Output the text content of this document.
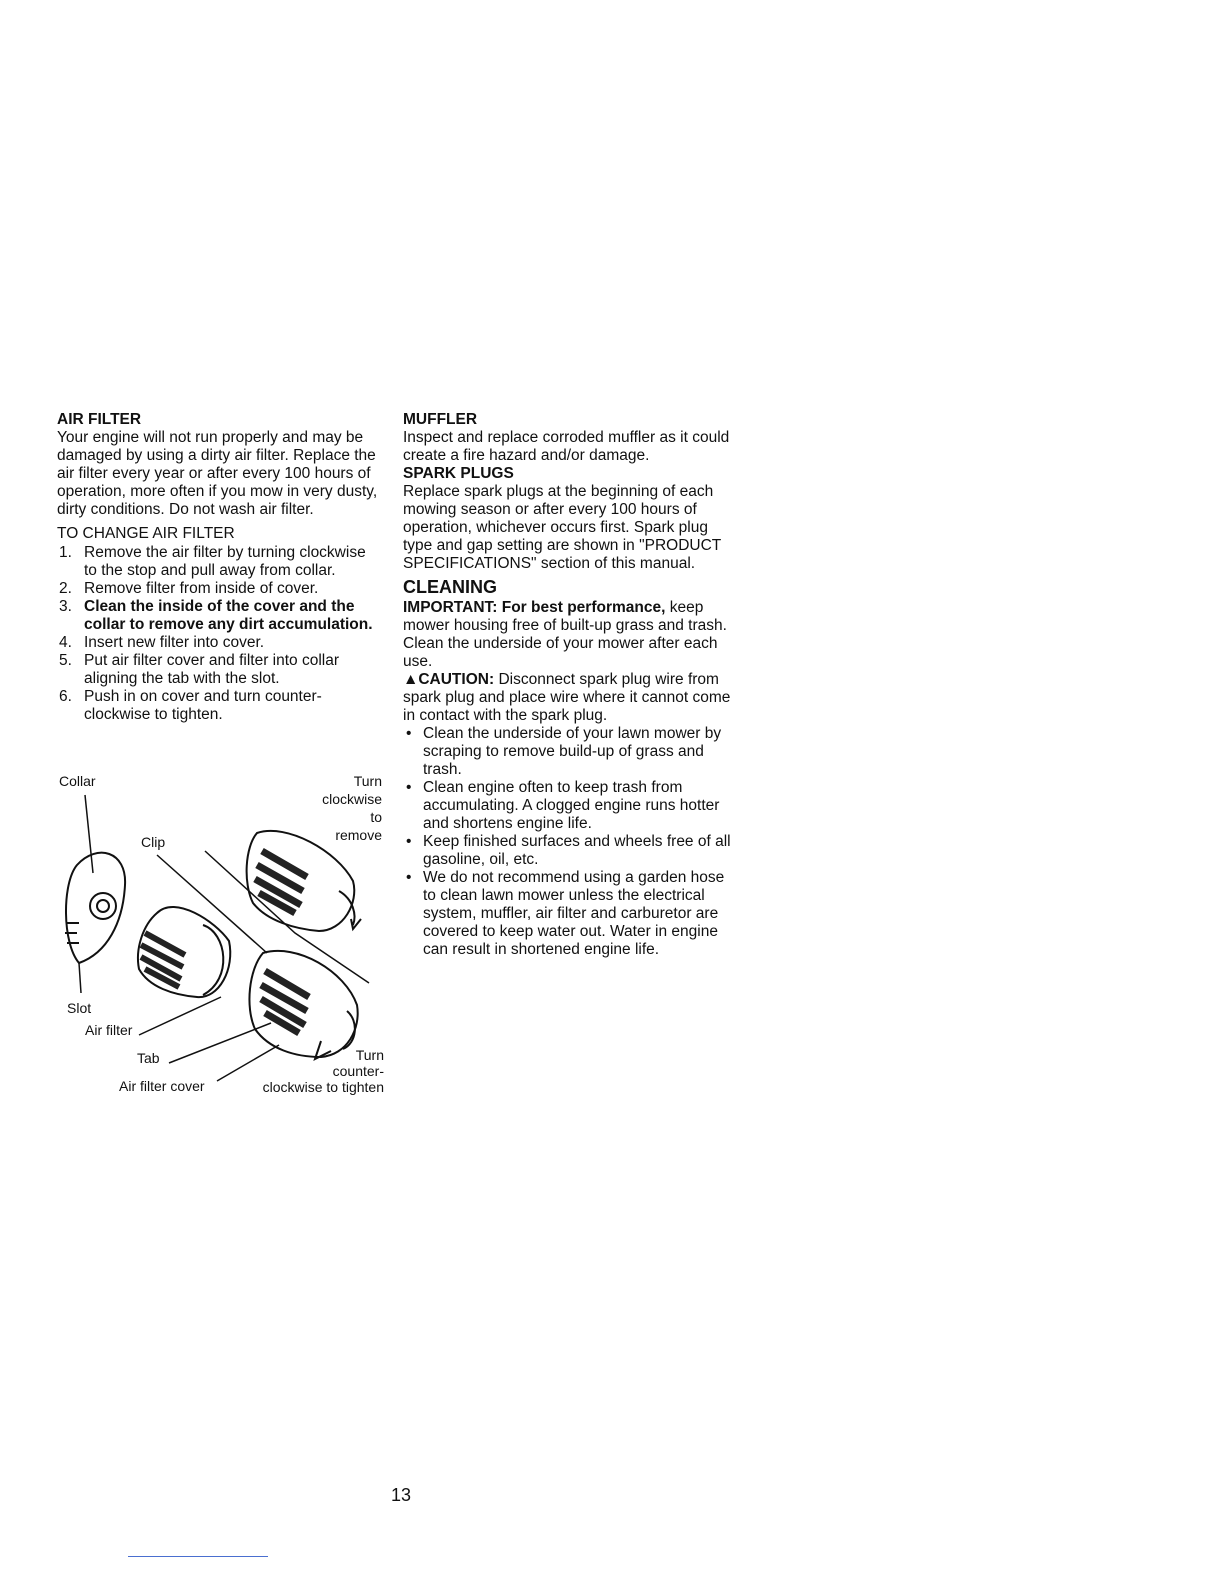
AIR FILTER

Your engine will not run properly and may be damaged by using a dirty air filter. Replace the air filter every year or after every 100 hours of operation, more often if you mow in very dusty, dirty conditions. Do not wash air filter.

TO CHANGE AIR FILTER

1. Remove the air filter by turning clockwise to the stop and pull away from collar.
2. Remove filter from inside of cover.
3. Clean the inside of the cover and the collar to remove any dirt accumulation.
4. Insert new filter into cover.
5. Put air filter cover and filter into collar aligning the tab with the slot.
6. Push in on cover and turn counter-clockwise to tighten.
Collar
Clip
Turn
clockwise
to
remove
Slot
Air filter
Tab
Air filter cover
Turn
counter-
clockwise to tighten
MUFFLER

Inspect and replace corroded muffler as it could create a fire hazard and/or damage.

SPARK PLUGS

Replace spark plugs at the beginning of each mowing season or after every 100 hours of operation, whichever occurs first. Spark plug type and gap setting are shown in "PRODUCT SPECIFICATIONS" section of this manual.

CLEANING

IMPORTANT: For best performance, keep mower housing free of built-up grass and trash. Clean the underside of your mower after each use.

▲CAUTION: Disconnect spark plug wire from spark plug and place wire where it cannot come in contact with the spark plug.

• Clean the underside of your lawn mower by scraping to remove build-up of grass and trash.
• Clean engine often to keep trash from accumulating. A clogged engine runs hotter and shortens engine life.
• Keep finished surfaces and wheels free of all gasoline, oil, etc.
• We do not recommend using a garden hose to clean lawn mower unless the electrical system, muffler, air filter and carburetor are covered to keep water out. Water in engine can result in shortened engine life.
13
